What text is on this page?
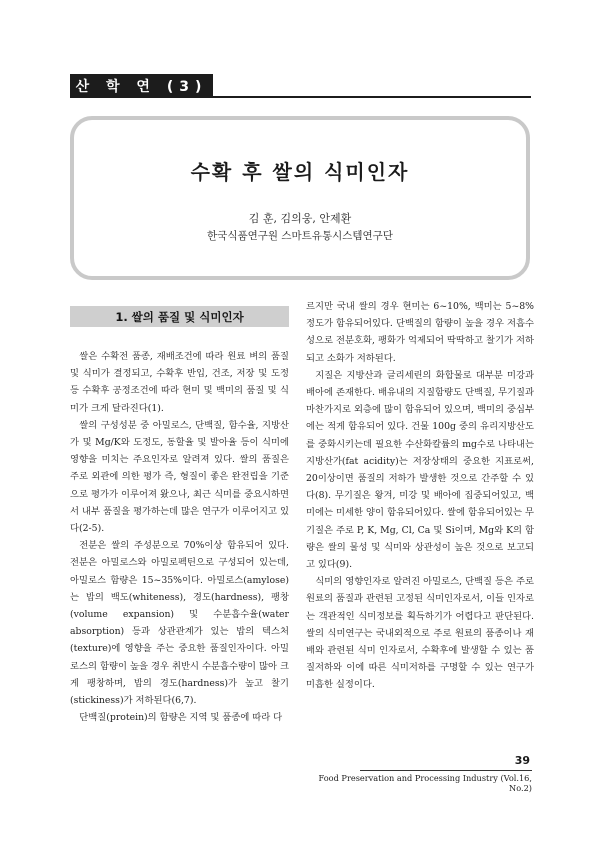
산 학 연 (3)
수확 후 쌀의 식미인자
김 훈, 김의웅, 안제환
한국식품연구원 스마트유통시스템연구단
1. 쌀의 품질 및 식미인자

쌀은 수확전 품종, 재배조건에 따라 원료 벼의 품질 및 식미가 결정되고, 수확후 반입, 건조, 저장 및 도정 등 수확후 공정조건에 따라 현미 및 백미의 품질 및 식미가 크게 달라진다(1).

쌀의 구성성분 중 아밀로스, 단백질, 함수율, 지방산가 및 Mg/K와 도정도, 동할율 및 발아율 등이 식미에 영향을 미치는 주요인자로 알려져 있다. 쌀의 품질은 주로 외관에 의한 평가 즉, 형질이 좋은 완전립을 기준으로 평가가 이루어져 왔으나, 최근 식미를 중요시하면서 내부 품질을 평가하는데 많은 연구가 이루어지고 있다(2-5).

전분은 쌀의 주성분으로 70%이상 함유되어 있다. 전분은 아밀로스와 아밀로펙틴으로 구성되어 있는데, 아밀로스 함량은 15~35%이다. 아밀로스(amylose)는 밥의 백도(whiteness), 경도(hardness), 팽창(volume expansion) 및 수분흡수율(water absorption) 등과 상관관계가 있는 밥의 텍스처(texture)에 영향을 주는 중요한 품질인자이다. 아밀로스의 함량이 높을 경우 취반시 수분흡수량이 많아 크게 팽창하며, 밥의 경도(hardness)가 높고 찰기(stickiness)가 저하된다(6,7).

단백질(protein)의 함량은 지역 및 품종에 따라 다

르지만 국내 쌀의 경우 현미는 6~10%, 백미는 5~8%정도가 함유되어있다. 단백질의 함량이 높을 경우 저흡수성으로 전분호화, 팽화가 억제되어 딱딱하고 찰기가 저하되고 소화가 저하된다.

지질은 지방산과 글리세린의 화합물로 대부분 미강과 배아에 존재한다. 배유내의 지질함량도 단백질, 무기질과 마찬가지로 외층에 많이 함유되어 있으며, 백미의 중심부에는 적게 함유되어 있다. 건물 100g 중의 유리지방산도를 중화시키는데 필요한 수산화칼륨의 mg수로 나타내는 지방산가(fat acidity)는 저장상태의 중요한 지표로써, 20이상이면 품질의 저하가 발생한 것으로 간주할 수 있다(8). 무기질은 왕겨, 미강 및 배아에 집중되어있고, 백미에는 미세한 양이 함유되어있다. 쌀에 함유되어있는 무기질은 주로 P, K, Mg, Cl, Ca 및 Si이며, Mg와 K의 함량은 쌀의 물성 및 식미와 상관성이 높은 것으로 보고되고 있다(9).

식미의 영향인자로 알려진 아밀로스, 단백질 등은 주로 원료의 품질과 관련된 고정된 식미인자로서, 이들 인자로는 객관적인 식미정보를 획득하기가 어렵다고 판단된다. 쌀의 식미연구는 국내외적으로 주로 원료의 품종이나 재배와 관련된 식미 인자로서, 수확후에 발생할 수 있는 품질저하와 이에 따른 식미저하를 구명할 수 있는 연구가 미흡한 실정이다.

39
Food Preservation and Processing Industry (Vol.16, No.2)
